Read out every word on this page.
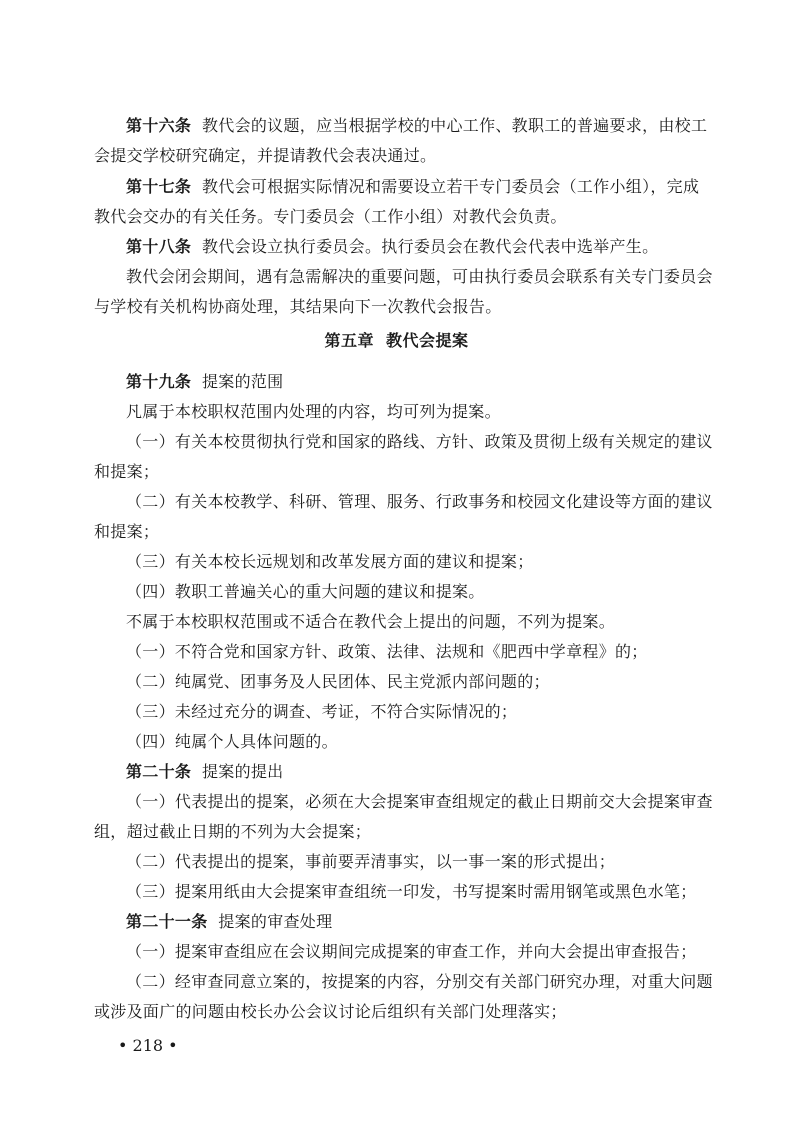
第十六条 教代会的议题，应当根据学校的中心工作、教职工的普遍要求，由校工
会提交学校研究确定，并提请教代会表决通过。
第十七条 教代会可根据实际情况和需要设立若干专门委员会（工作小组），完成
教代会交办的有关任务。专门委员会（工作小组）对教代会负责。
第十八条 教代会设立执行委员会。执行委员会在教代会代表中选举产生。
教代会闭会期间，遇有急需解决的重要问题，可由执行委员会联系有关专门委员会
与学校有关机构协商处理，其结果向下一次教代会报告。
第五章 教代会提案
第十九条 提案的范围
凡属于本校职权范围内处理的内容，均可列为提案。
（一）有关本校贯彻执行党和国家的路线、方针、政策及贯彻上级有关规定的建议
和提案；
（二）有关本校教学、科研、管理、服务、行政事务和校园文化建设等方面的建议
和提案；
（三）有关本校长远规划和改革发展方面的建议和提案；
（四）教职工普遍关心的重大问题的建议和提案。
不属于本校职权范围或不适合在教代会上提出的问题，不列为提案。
（一）不符合党和国家方针、政策、法律、法规和《肥西中学章程》的；
（二）纯属党、团事务及人民团体、民主党派内部问题的；
（三）未经过充分的调查、考证，不符合实际情况的；
（四）纯属个人具体问题的。
第二十条 提案的提出
（一）代表提出的提案，必须在大会提案审查组规定的截止日期前交大会提案审查
组，超过截止日期的不列为大会提案；
（二）代表提出的提案，事前要弄清事实，以一事一案的形式提出；
（三）提案用纸由大会提案审查组统一印发，书写提案时需用钢笔或黑色水笔；
第二十一条 提案的审查处理
（一）提案审查组应在会议期间完成提案的审查工作，并向大会提出审查报告；
（二）经审查同意立案的，按提案的内容，分别交有关部门研究办理，对重大问题
或涉及面广的问题由校长办公会议讨论后组织有关部门处理落实；
• 218 •
